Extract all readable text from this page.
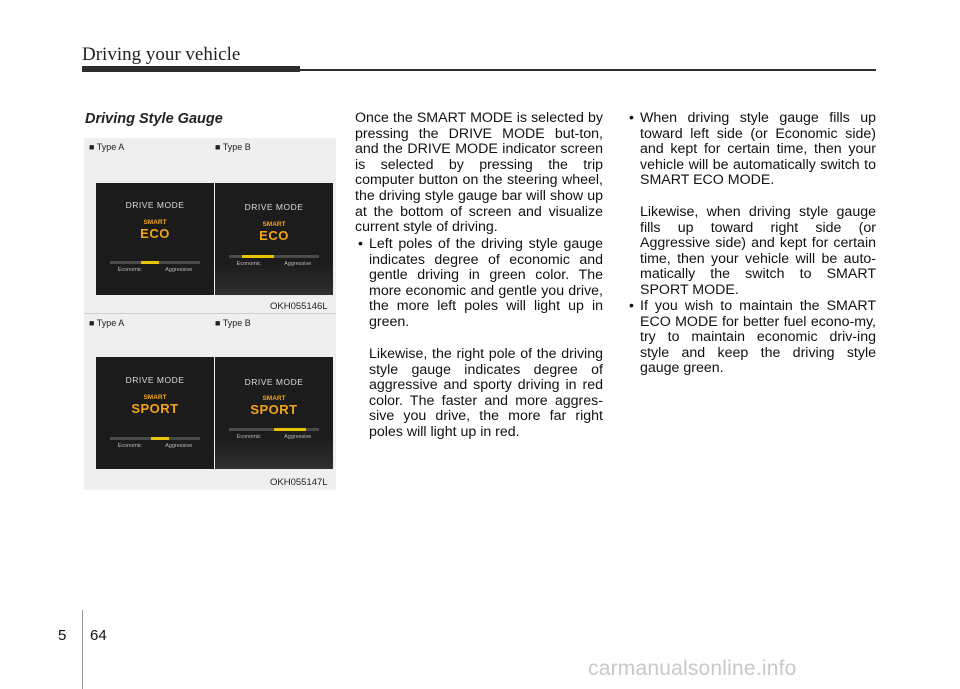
Driving your vehicle
Driving Style Gauge
■ Type A	■ Type B
DRIVE MODE
SMART
ECO
Economic	Aggressive
DRIVE MODE
SMART
ECO
Economic	Aggressive
OKH055146L
■ Type A	■ Type B
DRIVE MODE
SMART
SPORT
Economic	Aggressive
DRIVE MODE
SMART
SPORT
Economic	Aggressive
OKH055147L
Once the SMART MODE is selected by pressing the DRIVE MODE but-ton, and the DRIVE MODE indicator screen is selected by pressing the trip computer button on the steering wheel, the driving style gauge bar will show up at the bottom of screen and visualize current style of driving.
• Left poles of the driving style gauge indicates degree of economic and gentle driving in green color. The more economic and gentle you drive, the more left poles will light up in green.
Likewise, the right pole of the driving style gauge indicates degree of aggressive and sporty driving in red color. The faster and more aggres-sive you drive, the more far right poles will light up in red.
• When driving style gauge fills up toward left side (or Economic side) and kept for certain time, then your vehicle will be automatically switch to SMART ECO MODE.
Likewise, when driving style gauge fills up toward right side (or Aggressive side) and kept for certain time, then your vehicle will be auto-matically the switch to SMART SPORT MODE.
• If you wish to maintain the SMART ECO MODE for better fuel econo-my, try to maintain economic driv-ing style and keep the driving style gauge green.
5 64
carmanualsonline.info
